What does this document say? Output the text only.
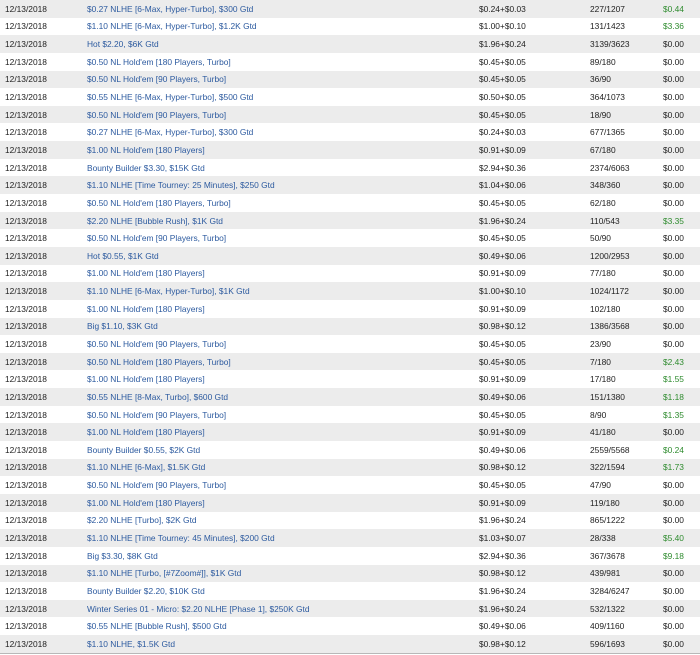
12/13/2018	$0.27 NLHE [6-Max, Hyper-Turbo], $300 Gtd	$0.24+$0.03	227/1207	$0.44
12/13/2018	$1.10 NLHE [6-Max, Hyper-Turbo], $1.2K Gtd	$1.00+$0.10	131/1423	$3.36
12/13/2018	Hot $2.20, $6K Gtd	$1.96+$0.24	3139/3623	$0.00
12/13/2018	$0.50 NL Hold'em [180 Players, Turbo]	$0.45+$0.05	89/180	$0.00
12/13/2018	$0.50 NL Hold'em [90 Players, Turbo]	$0.45+$0.05	36/90	$0.00
12/13/2018	$0.55 NLHE [6-Max, Hyper-Turbo], $500 Gtd	$0.50+$0.05	364/1073	$0.00
12/13/2018	$0.50 NL Hold'em [90 Players, Turbo]	$0.45+$0.05	18/90	$0.00
12/13/2018	$0.27 NLHE [6-Max, Hyper-Turbo], $300 Gtd	$0.24+$0.03	677/1365	$0.00
12/13/2018	$1.00 NL Hold'em [180 Players]	$0.91+$0.09	67/180	$0.00
12/13/2018	Bounty Builder $3.30, $15K Gtd	$2.94+$0.36	2374/6063	$0.00
12/13/2018	$1.10 NLHE [Time Tourney: 25 Minutes], $250 Gtd	$1.04+$0.06	348/360	$0.00
12/13/2018	$0.50 NL Hold'em [180 Players, Turbo]	$0.45+$0.05	62/180	$0.00
12/13/2018	$2.20 NLHE [Bubble Rush], $1K Gtd	$1.96+$0.24	110/543	$3.35
12/13/2018	$0.50 NL Hold'em [90 Players, Turbo]	$0.45+$0.05	50/90	$0.00
12/13/2018	Hot $0.55, $1K Gtd	$0.49+$0.06	1200/2953	$0.00
12/13/2018	$1.00 NL Hold'em [180 Players]	$0.91+$0.09	77/180	$0.00
12/13/2018	$1.10 NLHE [6-Max, Hyper-Turbo], $1K Gtd	$1.00+$0.10	1024/1172	$0.00
12/13/2018	$1.00 NL Hold'em [180 Players]	$0.91+$0.09	102/180	$0.00
12/13/2018	Big $1.10, $3K Gtd	$0.98+$0.12	1386/3568	$0.00
12/13/2018	$0.50 NL Hold'em [90 Players, Turbo]	$0.45+$0.05	23/90	$0.00
12/13/2018	$0.50 NL Hold'em [180 Players, Turbo]	$0.45+$0.05	7/180	$2.43
12/13/2018	$1.00 NL Hold'em [180 Players]	$0.91+$0.09	17/180	$1.55
12/13/2018	$0.55 NLHE [8-Max, Turbo], $600 Gtd	$0.49+$0.06	151/1380	$1.18
12/13/2018	$0.50 NL Hold'em [90 Players, Turbo]	$0.45+$0.05	8/90	$1.35
12/13/2018	$1.00 NL Hold'em [180 Players]	$0.91+$0.09	41/180	$0.00
12/13/2018	Bounty Builder $0.55, $2K Gtd	$0.49+$0.06	2559/5568	$0.24
12/13/2018	$1.10 NLHE [6-Max], $1.5K Gtd	$0.98+$0.12	322/1594	$1.73
12/13/2018	$0.50 NL Hold'em [90 Players, Turbo]	$0.45+$0.05	47/90	$0.00
12/13/2018	$1.00 NL Hold'em [180 Players]	$0.91+$0.09	119/180	$0.00
12/13/2018	$2.20 NLHE [Turbo], $2K Gtd	$1.96+$0.24	865/1222	$0.00
12/13/2018	$1.10 NLHE [Time Tourney: 45 Minutes], $200 Gtd	$1.03+$0.07	28/338	$5.40
12/13/2018	Big $3.30, $8K Gtd	$2.94+$0.36	367/3678	$9.18
12/13/2018	$1.10 NLHE [Turbo, [#7Zoom#]], $1K Gtd	$0.98+$0.12	439/981	$0.00
12/13/2018	Bounty Builder $2.20, $10K Gtd	$1.96+$0.24	3284/6247	$0.00
12/13/2018	Winter Series 01 - Micro: $2.20 NLHE [Phase 1], $250K Gtd	$1.96+$0.24	532/1322	$0.00
12/13/2018	$0.55 NLHE [Bubble Rush], $500 Gtd	$0.49+$0.06	409/1160	$0.00
12/13/2018	$1.10 NLHE, $1.5K Gtd	$0.98+$0.12	596/1693	$0.00
